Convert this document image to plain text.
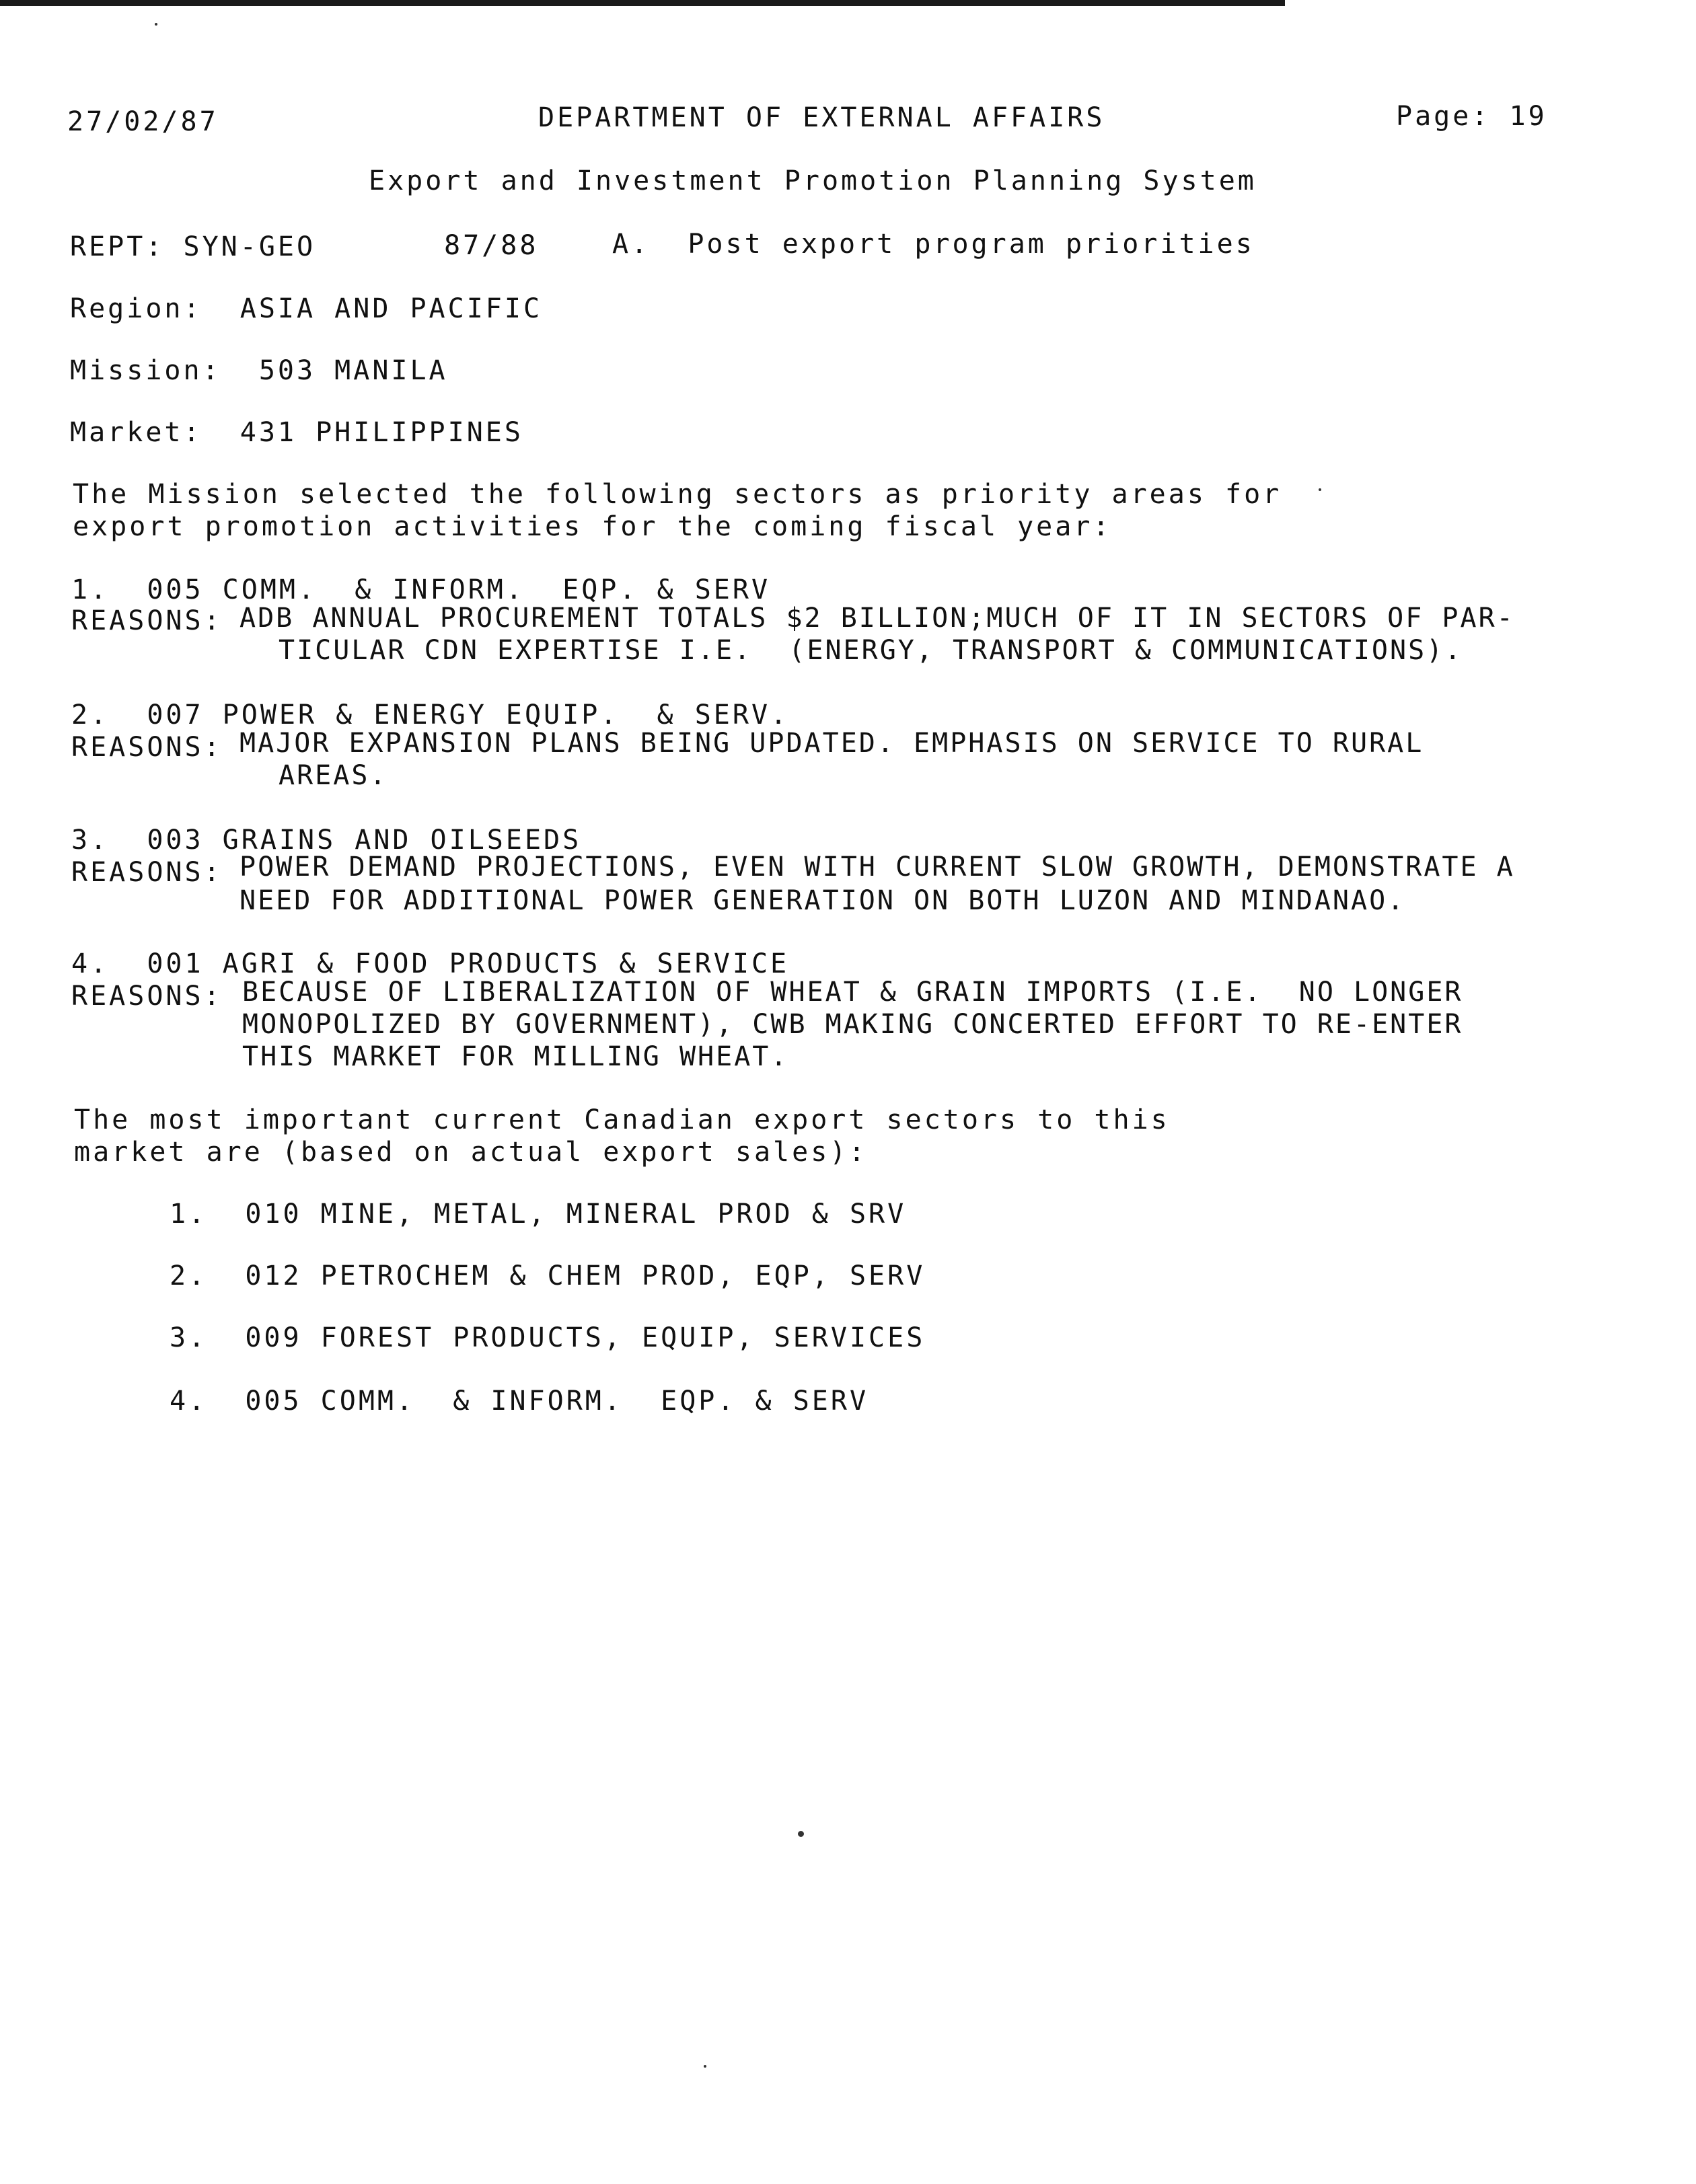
27/02/87	DEPARTMENT OF EXTERNAL AFFAIRS	Page: 19
Export and Investment Promotion Planning System
REPT: SYN-GEO	87/88	A.  Post export program priorities
Region:  ASIA AND PACIFIC
Mission:  503 MANILA
Market:  431 PHILIPPINES
The Mission selected the following sectors as priority areas for
export promotion activities for the coming fiscal year:
1.  005 COMM.  & INFORM.  EQP. & SERV
REASONS: ADB ANNUAL PROCUREMENT TOTALS $2 BILLION;MUCH OF IT IN SECTORS OF PAR-
TICULAR CDN EXPERTISE I.E.  (ENERGY, TRANSPORT & COMMUNICATIONS).
2.  007 POWER & ENERGY EQUIP.  & SERV.
REASONS: MAJOR EXPANSION PLANS BEING UPDATED. EMPHASIS ON SERVICE TO RURAL
AREAS.
3.  003 GRAINS AND OILSEEDS
REASONS: POWER DEMAND PROJECTIONS, EVEN WITH CURRENT SLOW GROWTH, DEMONSTRATE A
NEED FOR ADDITIONAL POWER GENERATION ON BOTH LUZON AND MINDANAO.
4.  001 AGRI & FOOD PRODUCTS & SERVICE
REASONS: BECAUSE OF LIBERALIZATION OF WHEAT & GRAIN IMPORTS (I.E.  NO LONGER
MONOPOLIZED BY GOVERNMENT), CWB MAKING CONCERTED EFFORT TO RE-ENTER
THIS MARKET FOR MILLING WHEAT.
The most important current Canadian export sectors to this
market are (based on actual export sales):
1.  010 MINE, METAL, MINERAL PROD & SRV
2.  012 PETROCHEM & CHEM PROD, EQP, SERV
3.  009 FOREST PRODUCTS, EQUIP, SERVICES
4.  005 COMM.  & INFORM.  EQP. & SERV
